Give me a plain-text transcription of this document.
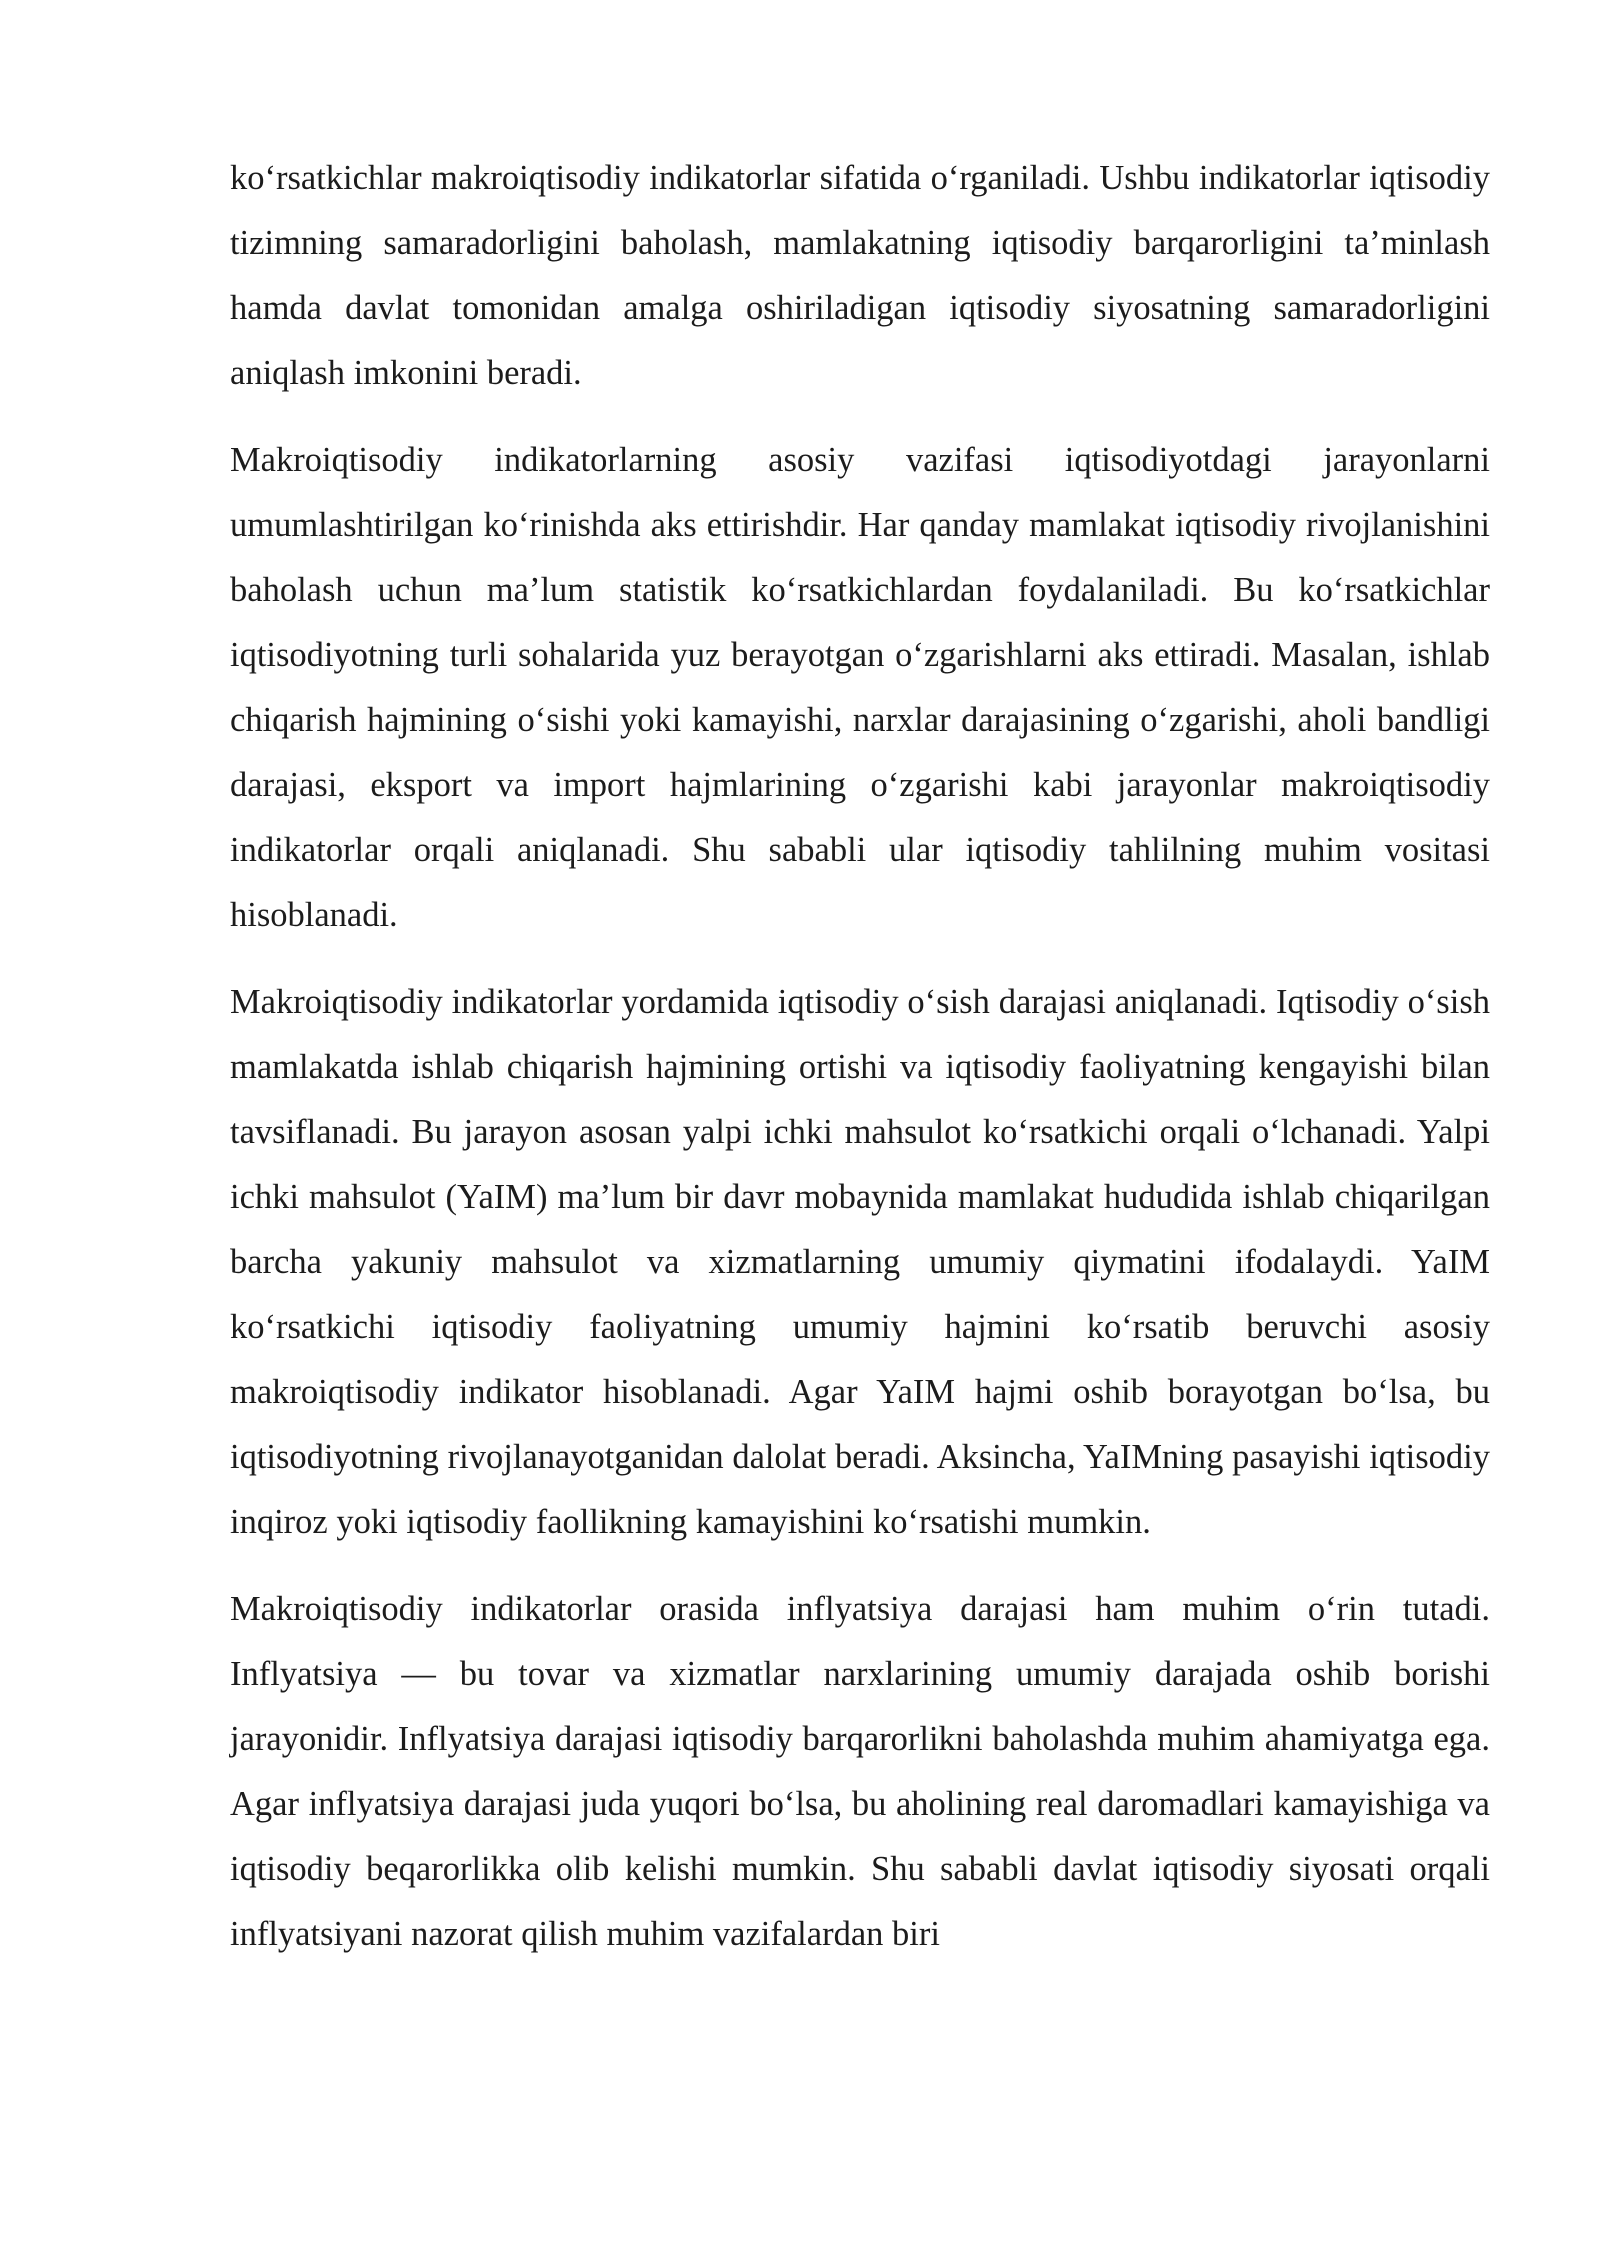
ko‘rsatkichlar makroiqtisodiy indikatorlar sifatida o‘rganiladi. Ushbu indikatorlar iqtisodiy tizimning samaradorligini baholash, mamlakatning iqtisodiy barqarorligini ta’minlash hamda davlat tomonidan amalga oshiriladigan iqtisodiy siyosatning samaradorligini aniqlash imkonini beradi.

Makroiqtisodiy indikatorlarning asosiy vazifasi iqtisodiyotdagi jarayonlarni umumlashtirilgan ko‘rinishda aks ettirishdir. Har qanday mamlakat iqtisodiy rivojlanishini baholash uchun ma’lum statistik ko‘rsatkichlardan foydalaniladi. Bu ko‘rsatkichlar iqtisodiyotning turli sohalarida yuz berayotgan o‘zgarishlarni aks ettiradi. Masalan, ishlab chiqarish hajmining o‘sishi yoki kamayishi, narxlar darajasining o‘zgarishi, aholi bandligi darajasi, eksport va import hajmlarining o‘zgarishi kabi jarayonlar makroiqtisodiy indikatorlar orqali aniqlanadi. Shu sababli ular iqtisodiy tahlilning muhim vositasi hisoblanadi.

Makroiqtisodiy indikatorlar yordamida iqtisodiy o‘sish darajasi aniqlanadi. Iqtisodiy o‘sish mamlakatda ishlab chiqarish hajmining ortishi va iqtisodiy faoliyatning kengayishi bilan tavsiflanadi. Bu jarayon asosan yalpi ichki mahsulot ko‘rsatkichi orqali o‘lchanadi. Yalpi ichki mahsulot (YaIM) ma’lum bir davr mobaynida mamlakat hududida ishlab chiqarilgan barcha yakuniy mahsulot va xizmatlarning umumiy qiymatini ifodalaydi. YaIM ko‘rsatkichi iqtisodiy faoliyatning umumiy hajmini ko‘rsatib beruvchi asosiy makroiqtisodiy indikator hisoblanadi. Agar YaIM hajmi oshib borayotgan bo‘lsa, bu iqtisodiyotning rivojlanayotganidan dalolat beradi. Aksincha, YaIMning pasayishi iqtisodiy inqiroz yoki iqtisodiy faollikning kamayishini ko‘rsatishi mumkin.

Makroiqtisodiy indikatorlar orasida inflyatsiya darajasi ham muhim o‘rin tutadi. Inflyatsiya — bu tovar va xizmatlar narxlarining umumiy darajada oshib borishi jarayonidir. Inflyatsiya darajasi iqtisodiy barqarorlikni baholashda muhim ahamiyatga ega. Agar inflyatsiya darajasi juda yuqori bo‘lsa, bu aholining real daromadlari kamayishiga va iqtisodiy beqarorlikka olib kelishi mumkin. Shu sababli davlat iqtisodiy siyosati orqali inflyatsiyani nazorat qilish muhim vazifalardan biri
